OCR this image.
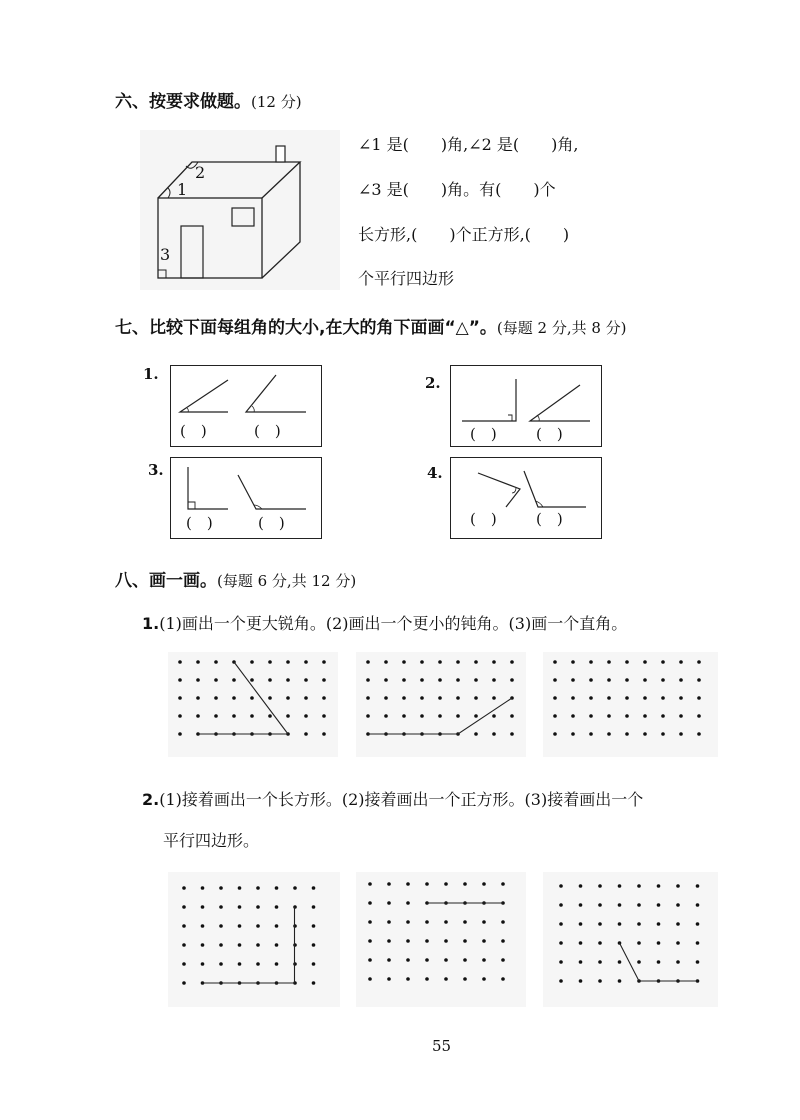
六、按要求做题。(12 分)
1
2
3
∠1 是(　　)角,∠2 是(　　)角,
∠3 是(　　)角。有(　　)个
长方形,(　　)个正方形,(　　)
个平行四边形
七、比较下面每组角的大小,在大的角下面画“△”。(每题 2 分,共 8 分)
1.
(　)	(　)
2.
(　)	(　)
3.
(　)	(　)
4.
(　)	(　)
八、画一画。(每题 6 分,共 12 分)
1.(1)画出一个更大锐角。(2)画出一个更小的钝角。(3)画一个直角。
2.(1)接着画出一个长方形。(2)接着画出一个正方形。(3)接着画出一个
平行四边形。
55
